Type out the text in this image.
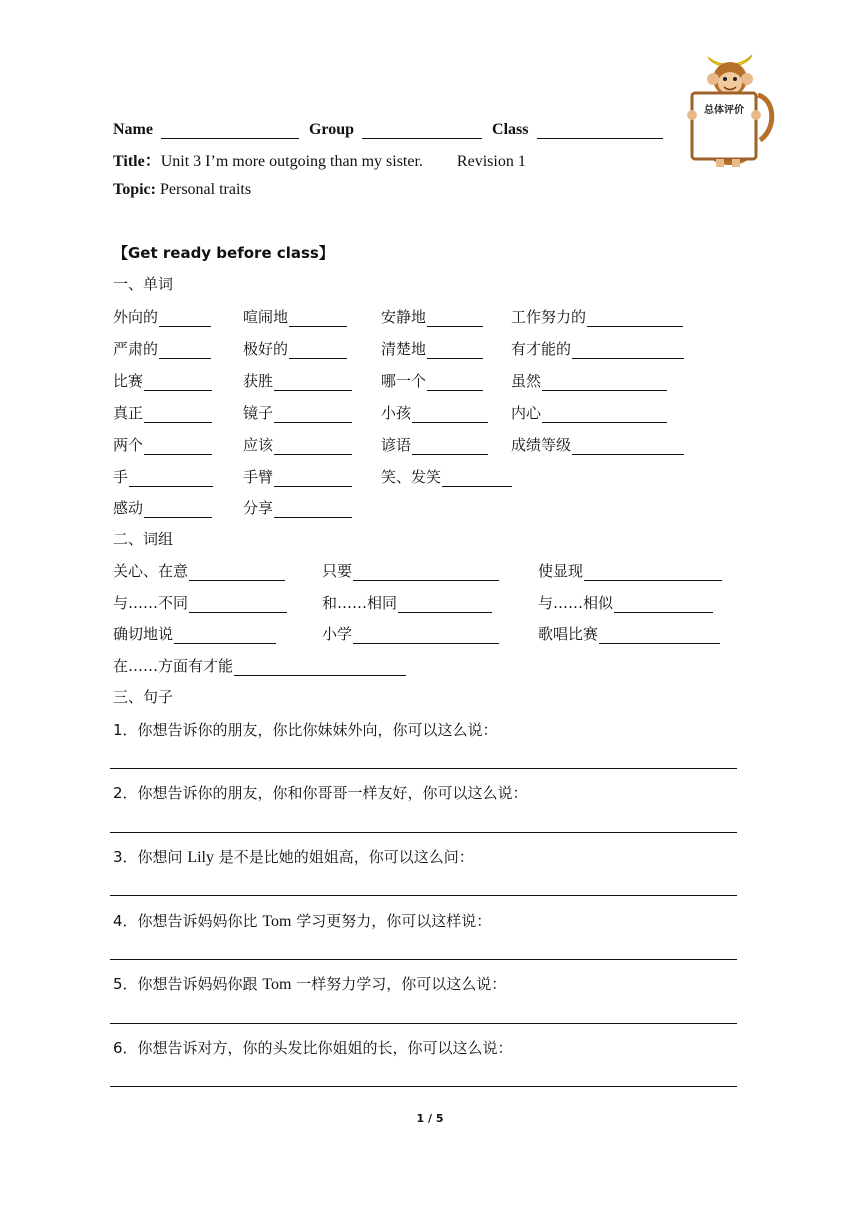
总体评价
Name	Group	Class
Title：Unit 3 I’m more outgoing than my sister. Revision 1
Topic: Personal traits
【Get ready before class】
一、单词
外向的	喧闹地	安静地	工作努力的
严肃的	极好的	清楚地	有才能的
比赛	获胜	哪一个	虽然
真正	镜子	小孩	内心
两个	应该	谚语	成绩等级
手	手臂	笑、发笑
感动	分享
二、词组
关心、在意	只要	使显现
与……不同	和……相同	与……相似
确切地说	小学	歌唱比赛
在……方面有才能
三、句子
1．你想告诉你的朋友，你比你妹妹外向，你可以这么说：
2．你想告诉你的朋友，你和你哥哥一样友好，你可以这么说：
3．你想问 Lily 是不是比她的姐姐高，你可以这么问：
4．你想告诉妈妈你比 Tom 学习更努力，你可以这样说：
5．你想告诉妈妈你跟 Tom 一样努力学习，你可以这么说：
6．你想告诉对方，你的头发比你姐姐的长，你可以这么说：
1 / 5
